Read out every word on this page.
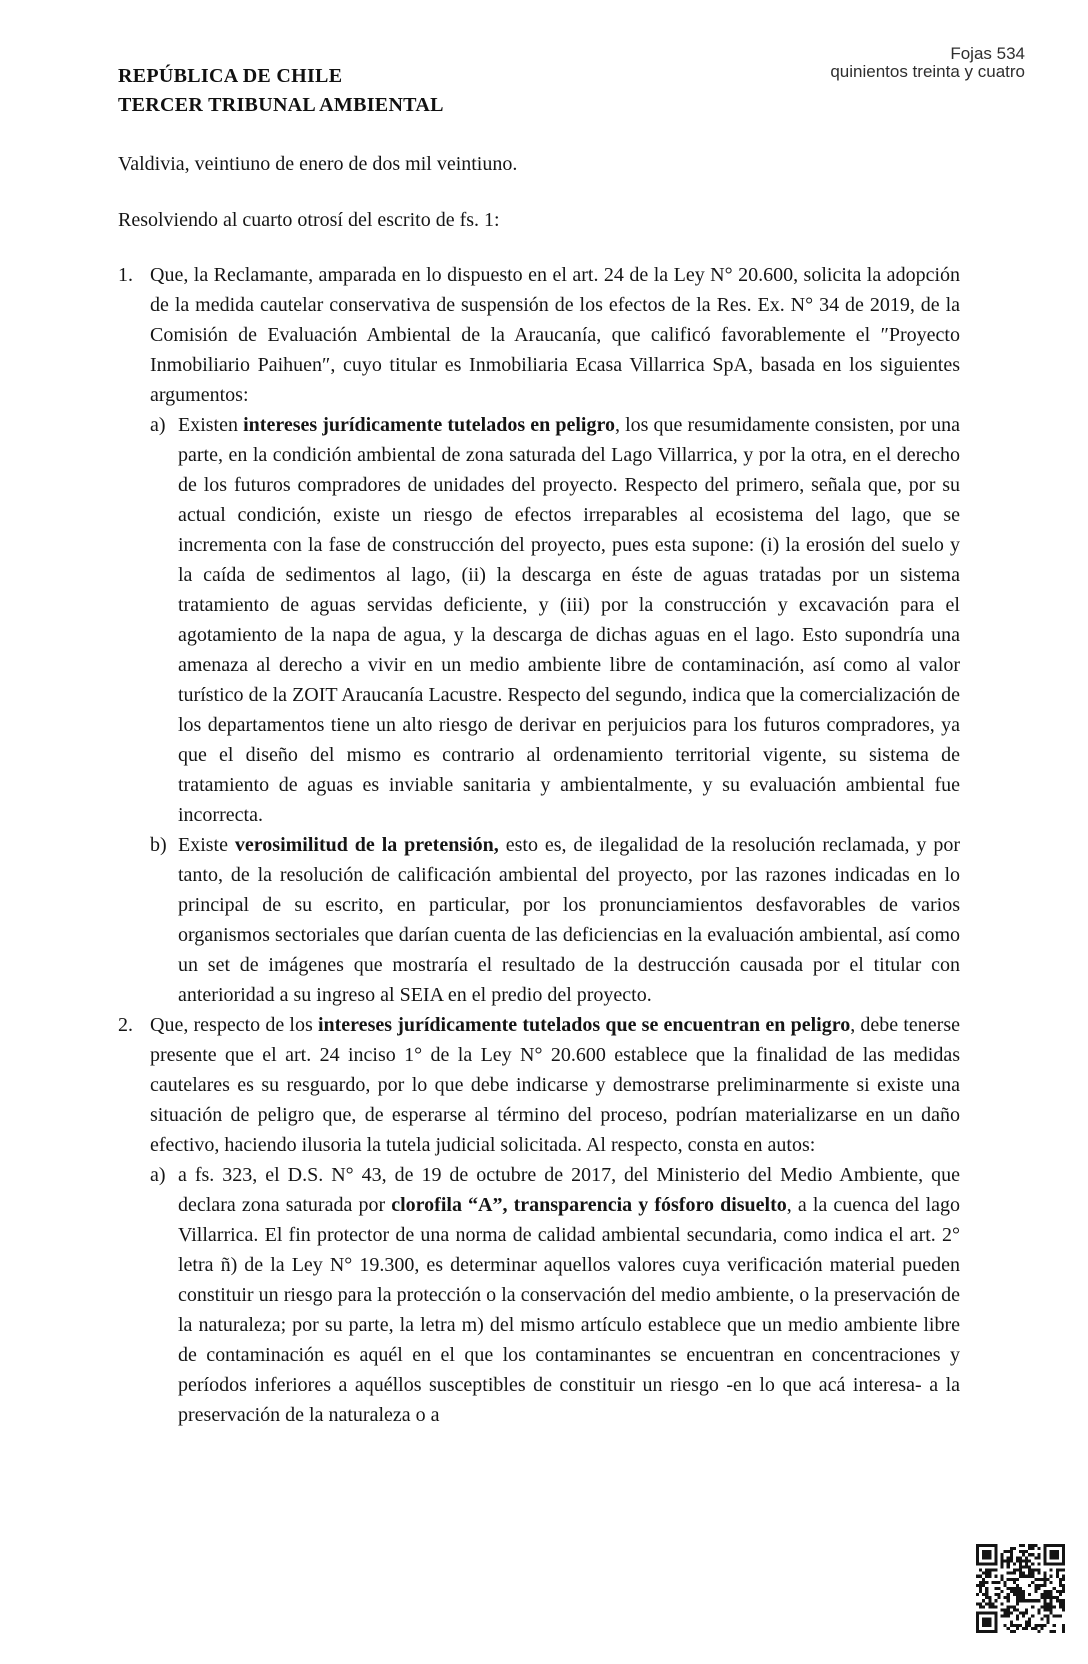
REPÚBLICA DE CHILE
TERCER TRIBUNAL AMBIENTAL
Fojas 534
quinientos treinta y cuatro

Valdivia, veintiuno de enero de dos mil veintiuno.

Resolviendo al cuarto otrosí del escrito de fs. 1:

1. Que, la Reclamante, amparada en lo dispuesto en el art. 24 de la Ley N° 20.600, solicita la adopción de la medida cautelar conservativa de suspensión de los efectos de la Res. Ex. N° 34 de 2019, de la Comisión de Evaluación Ambiental de la Araucanía, que calificó favorablemente el ″Proyecto Inmobiliario Paihuen″, cuyo titular es Inmobiliaria Ecasa Villarrica SpA, basada en los siguientes argumentos:

a) Existen intereses jurídicamente tutelados en peligro, los que resumidamente consisten, por una parte, en la condición ambiental de zona saturada del Lago Villarrica, y por la otra, en el derecho de los futuros compradores de unidades del proyecto. Respecto del primero, señala que, por su actual condición, existe un riesgo de efectos irreparables al ecosistema del lago, que se incrementa con la fase de construcción del proyecto, pues esta supone: (i) la erosión del suelo y la caída de sedimentos al lago, (ii) la descarga en éste de aguas tratadas por un sistema tratamiento de aguas servidas deficiente, y (iii) por la construcción y excavación para el agotamiento de la napa de agua, y la descarga de dichas aguas en el lago. Esto supondría una amenaza al derecho a vivir en un medio ambiente libre de contaminación, así como al valor turístico de la ZOIT Araucanía Lacustre. Respecto del segundo, indica que la comercialización de los departamentos tiene un alto riesgo de derivar en perjuicios para los futuros compradores, ya que el diseño del mismo es contrario al ordenamiento territorial vigente, su sistema de tratamiento de aguas es inviable sanitaria y ambientalmente, y su evaluación ambiental fue incorrecta.

b) Existe verosimilitud de la pretensión, esto es, de ilegalidad de la resolución reclamada, y por tanto, de la resolución de calificación ambiental del proyecto, por las razones indicadas en lo principal de su escrito, en particular, por los pronunciamientos desfavorables de varios organismos sectoriales que darían cuenta de las deficiencias en la evaluación ambiental, así como un set de imágenes que mostraría el resultado de la destrucción causada por el titular con anterioridad a su ingreso al SEIA en el predio del proyecto.

2. Que, respecto de los intereses jurídicamente tutelados que se encuentran en peligro, debe tenerse presente que el art. 24 inciso 1° de la Ley N° 20.600 establece que la finalidad de las medidas cautelares es su resguardo, por lo que debe indicarse y demostrarse preliminarmente si existe una situación de peligro que, de esperarse al término del proceso, podrían materializarse en un daño efectivo, haciendo ilusoria la tutela judicial solicitada. Al respecto, consta en autos:

a) a fs. 323, el D.S. N° 43, de 19 de octubre de 2017, del Ministerio del Medio Ambiente, que declara zona saturada por clorofila “A”, transparencia y fósforo disuelto, a la cuenca del lago Villarrica. El fin protector de una norma de calidad ambiental secundaria, como indica el art. 2° letra ñ) de la Ley N° 19.300, es determinar aquellos valores cuya verificación material pueden constituir un riesgo para la protección o la conservación del medio ambiente, o la preservación de la naturaleza; por su parte, la letra m) del mismo artículo establece que un medio ambiente libre de contaminación es aquél en el que los contaminantes se encuentran en concentraciones y períodos inferiores a aquéllos susceptibles de constituir un riesgo -en lo que acá interesa- a la preservación de la naturaleza o a
